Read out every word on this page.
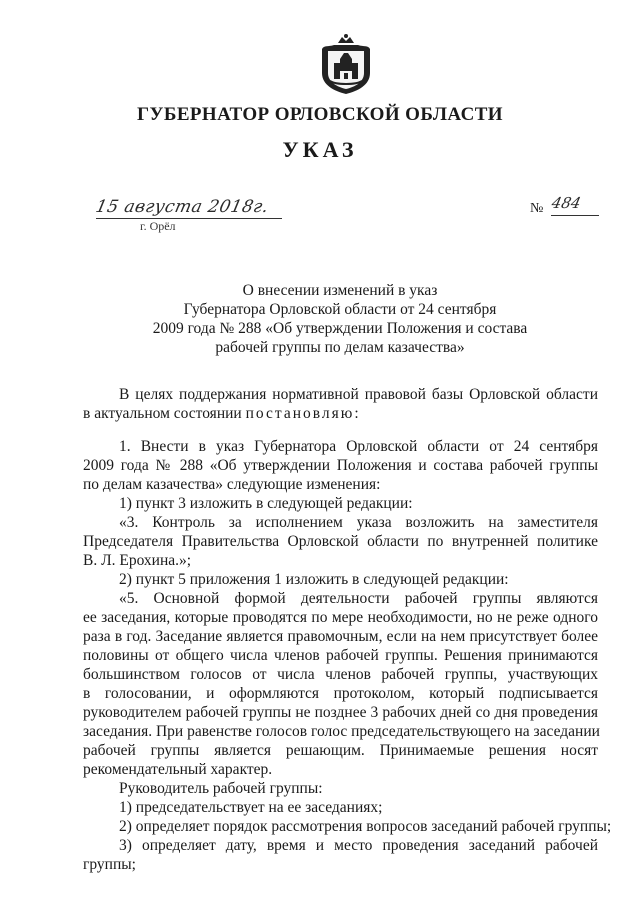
ГУБЕРНАТОР ОРЛОВСКОЙ ОБЛАСТИ
УКАЗ
15 августа 2018г.
г. Орёл
№ 484
О внесении изменений в указ
Губернатора Орловской области от 24 сентября
2009 года № 288 «Об утверждении Положения и состава
рабочей группы по делам казачества»
В целях поддержания нормативной правовой базы Орловской области
в актуальном состоянии постановляю:
1. Внести в указ Губернатора Орловской области от 24 сентября
2009 года № 288 «Об утверждении Положения и состава рабочей группы
по делам казачества» следующие изменения:
1) пункт 3 изложить в следующей редакции:
«3. Контроль за исполнением указа возложить на заместителя
Председателя Правительства Орловской области по внутренней политике
В. Л. Ерохина.»;
2) пункт 5 приложения 1 изложить в следующей редакции:
«5. Основной формой деятельности рабочей группы являются
ее заседания, которые проводятся по мере необходимости, но не реже одного
раза в год. Заседание является правомочным, если на нем присутствует более
половины от общего числа членов рабочей группы. Решения принимаются
большинством голосов от числа членов рабочей группы, участвующих
в голосовании, и оформляются протоколом, который подписывается
руководителем рабочей группы не позднее 3 рабочих дней со дня проведения
заседания. При равенстве голосов голос председательствующего на заседании
рабочей группы является решающим. Принимаемые решения носят
рекомендательный характер.
Руководитель рабочей группы:
1) председательствует на ее заседаниях;
2) определяет порядок рассмотрения вопросов заседаний рабочей группы;
3) определяет дату, время и место проведения заседаний рабочей
группы;
